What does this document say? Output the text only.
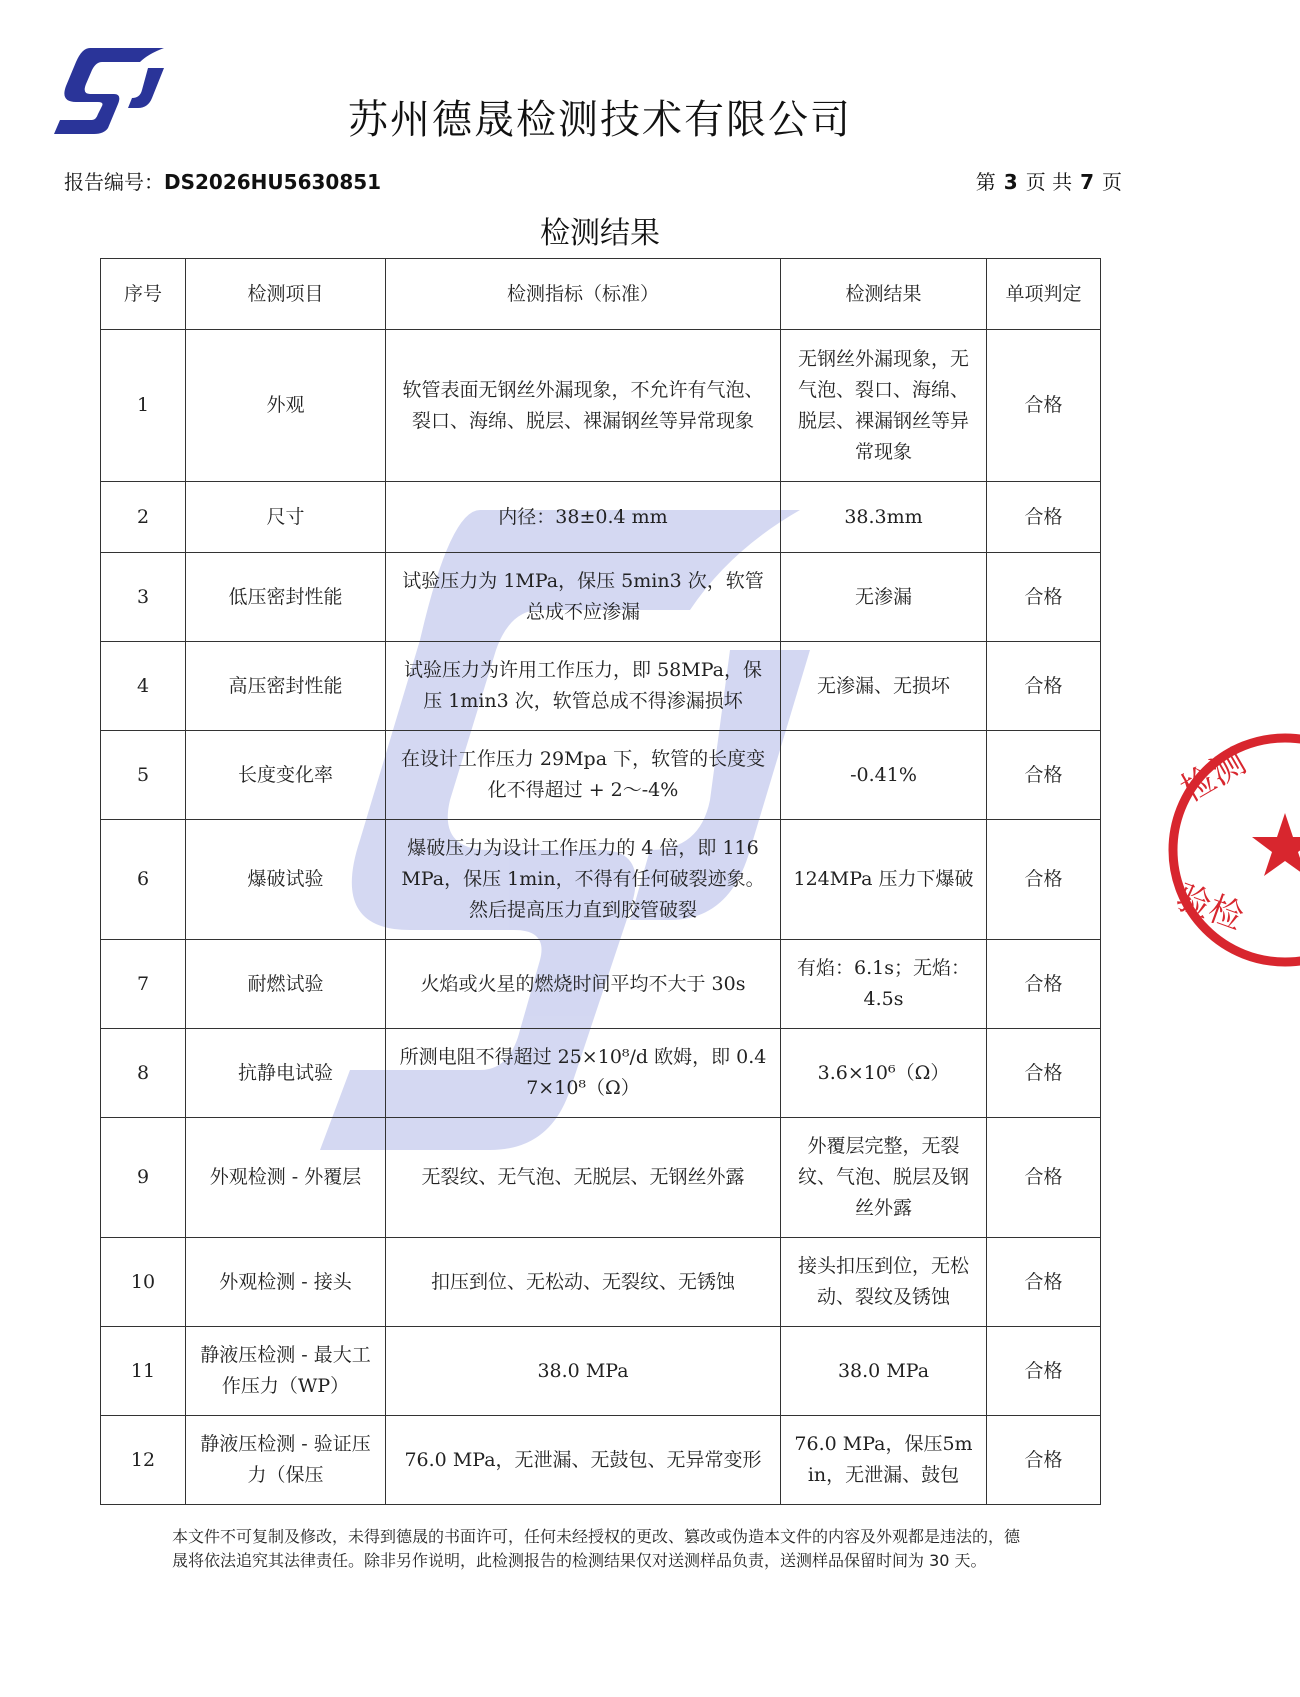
检测
验检
苏州德晟检测技术有限公司
报告编号：DS2026HU5630851	第 3 页 共 7 页
检测结果
序号	检测项目	检测指标（标准）	检测结果	单项判定
1	外观	软管表面无钢丝外漏现象，不允许有气泡、裂口、海绵、脱层、裸漏钢丝等异常现象	无钢丝外漏现象，无气泡、裂口、海绵、脱层、裸漏钢丝等异常现象	合格
2	尺寸	内径：38±0.4 mm	38.3mm	合格
3	低压密封性能	试验压力为 1MPa，保压 5min3 次，软管总成不应渗漏	无渗漏	合格
4	高压密封性能	试验压力为许用工作压力，即 58MPa，保压 1min3 次，软管总成不得渗漏损坏	无渗漏、无损坏	合格
5	长度变化率	在设计工作压力 29Mpa 下，软管的长度变化不得超过 + 2～-4%	-0.41%	合格
6	爆破试验	爆破压力为设计工作压力的 4 倍，即 116MPa，保压 1min，不得有任何破裂迹象。然后提高压力直到胶管破裂	124MPa 压力下爆破	合格
7	耐燃试验	火焰或火星的燃烧时间平均不大于 30s	有焰：6.1s；无焰：4.5s	合格
8	抗静电试验	所测电阻不得超过 25×10⁸/d 欧姆，即 0.47×10⁸（Ω）	3.6×10⁶（Ω）	合格
9	外观检测 - 外覆层	无裂纹、无气泡、无脱层、无钢丝外露	外覆层完整，无裂纹、气泡、脱层及钢丝外露	合格
10	外观检测 - 接头	扣压到位、无松动、无裂纹、无锈蚀	接头扣压到位，无松动、裂纹及锈蚀	合格
11	静液压检测 - 最大工作压力（WP）	38.0 MPa	38.0 MPa	合格
12	静液压检测 - 验证压力（保压	76.0 MPa，无泄漏、无鼓包、无异常变形	76.0 MPa，保压5min，无泄漏、鼓包	合格
本文件不可复制及修改，未得到德晟的书面许可，任何未经授权的更改、篡改或伪造本文件的内容及外观都是违法的，德晟将依法追究其法律责任。除非另作说明，此检测报告的检测结果仅对送测样品负责，送测样品保留时间为 30 天。
